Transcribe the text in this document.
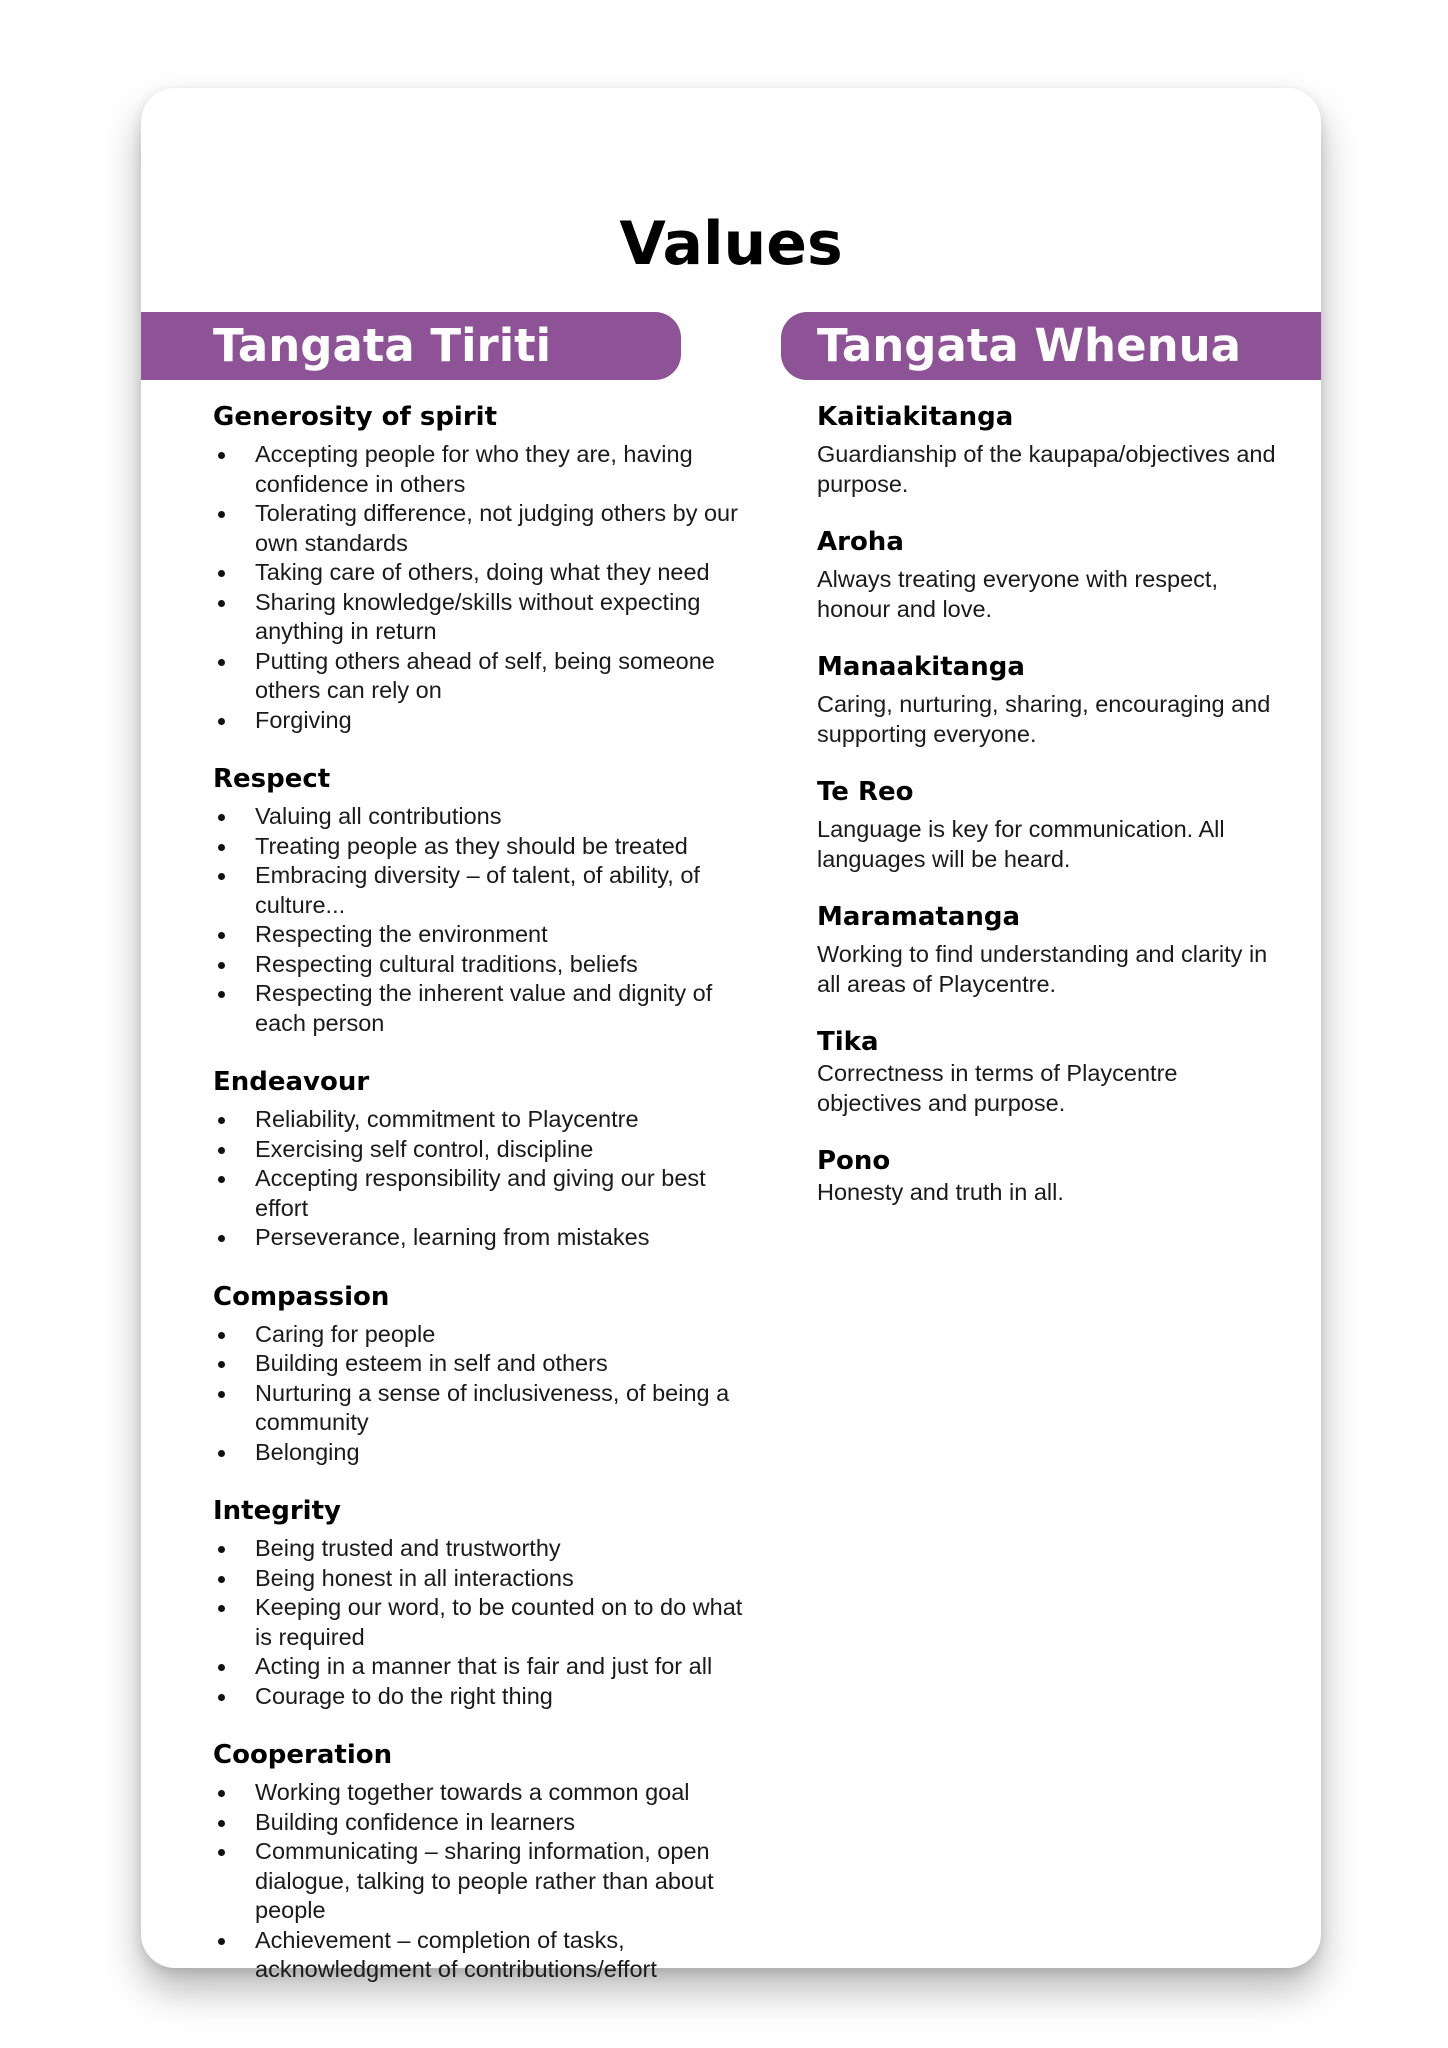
Values
Tangata Tiriti	Tangata Whenua
Generosity of spirit
Accepting people for who they are, having confidence in others
Tolerating difference, not judging others by our own standards
Taking care of others, doing what they need
Sharing knowledge/skills without expecting anything in return
Putting others ahead of self, being someone others can rely on
Forgiving
Respect
Valuing all contributions
Treating people as they should be treated
Embracing diversity – of talent, of ability, of culture...
Respecting the environment
Respecting cultural traditions, beliefs
Respecting the inherent value and dignity of each person
Endeavour
Reliability, commitment to Playcentre
Exercising self control, discipline
Accepting responsibility and giving our best effort
Perseverance, learning from mistakes
Compassion
Caring for people
Building esteem in self and others
Nurturing a sense of inclusiveness, of being a community
Belonging
Integrity
Being trusted and trustworthy
Being honest in all interactions
Keeping our word, to be counted on to do what is required
Acting in a manner that is fair and just for all
Courage to do the right thing
Cooperation
Working together towards a common goal
Building confidence in learners
Communicating – sharing information, open dialogue, talking to people rather than about people
Achievement – completion of tasks, acknowledgment of contributions/effort
Kaitiakitanga

Guardianship of the kaupapa/objectives and purpose.

Aroha

Always treating everyone with respect, honour and love.

Manaakitanga

Caring, nurturing, sharing, encouraging and supporting everyone.

Te Reo

Language is key for communication. All languages will be heard.

Maramatanga

Working to find understanding and clarity in all areas of Playcentre.

Tika

Correctness in terms of Playcentre objectives and purpose.

Pono

Honesty and truth in all.
